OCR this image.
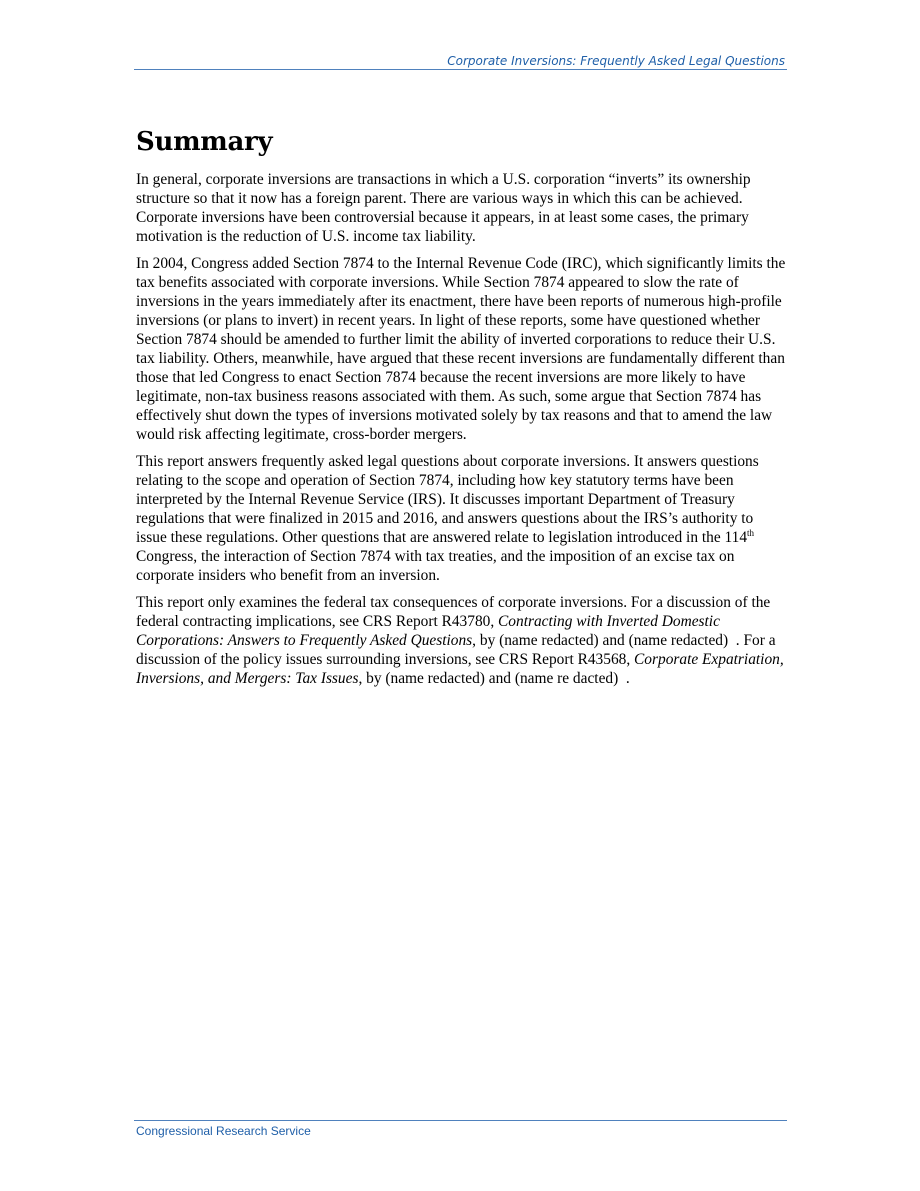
Corporate Inversions: Frequently Asked Legal Questions
Summary

In general, corporate inversions are transactions in which a U.S. corporation “inverts” its ownership structure so that it now has a foreign parent. There are various ways in which this can be achieved. Corporate inversions have been controversial because it appears, in at least some cases, the primary motivation is the reduction of U.S. income tax liability.

In 2004, Congress added Section 7874 to the Internal Revenue Code (IRC), which significantly limits the tax benefits associated with corporate inversions. While Section 7874 appeared to slow the rate of inversions in the years immediately after its enactment, there have been reports of numerous high-profile inversions (or plans to invert) in recent years. In light of these reports, some have questioned whether Section 7874 should be amended to further limit the ability of inverted corporations to reduce their U.S. tax liability. Others, meanwhile, have argued that these recent inversions are fundamentally different than those that led Congress to enact Section 7874 because the recent inversions are more likely to have legitimate, non-tax business reasons associated with them. As such, some argue that Section 7874 has effectively shut down the types of inversions motivated solely by tax reasons and that to amend the law would risk affecting legitimate, cross-border mergers.

This report answers frequently asked legal questions about corporate inversions. It answers questions relating to the scope and operation of Section 7874, including how key statutory terms have been interpreted by the Internal Revenue Service (IRS). It discusses important Department of Treasury regulations that were finalized in 2015 and 2016, and answers questions about the IRS’s authority to issue these regulations. Other questions that are answered relate to legislation introduced in the 114th Congress, the interaction of Section 7874 with tax treaties, and the imposition of an excise tax on corporate insiders who benefit from an inversion.

This report only examines the federal tax consequences of corporate inversions. For a discussion of the federal contracting implications, see CRS Report R43780, Contracting with Inverted Domestic Corporations: Answers to Frequently Asked Questions, by (name redacted) and (name redacted)  . For a discussion of the policy issues surrounding inversions, see CRS Report R43568, Corporate Expatriation, Inversions, and Mergers: Tax Issues, by (name redacted) and (name re dacted)  .

Congressional Research Service
